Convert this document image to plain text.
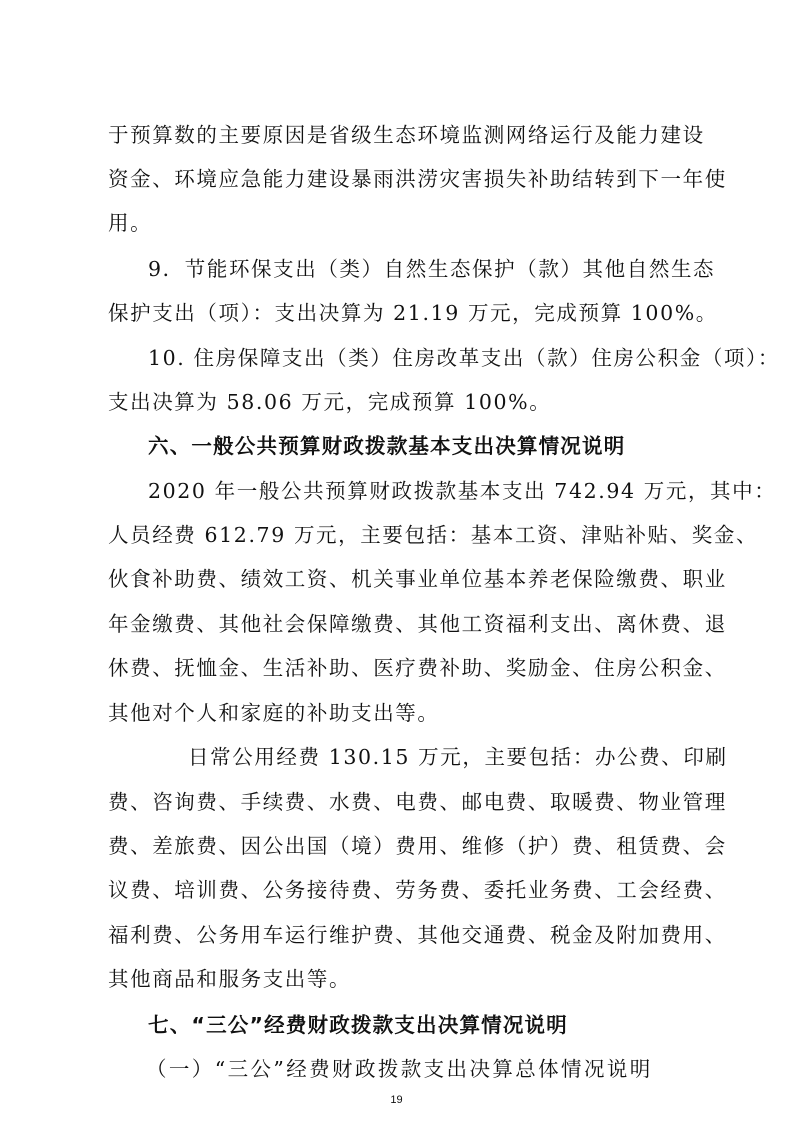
于预算数的主要原因是省级生态环境监测网络运行及能力建设
资金、环境应急能力建设暴雨洪涝灾害损失补助结转到下一年使
用。
9．节能环保支出（类）自然生态保护（款）其他自然生态
保护支出（项）：支出决算为 21.19 万元，完成预算 100%。
10. 住房保障支出（类）住房改革支出（款）住房公积金（项）：
支出决算为 58.06 万元，完成预算 100%。
六、一般公共预算财政拨款基本支出决算情况说明
2020 年一般公共预算财政拨款基本支出 742.94 万元，其中：
人员经费 612.79 万元，主要包括：基本工资、津贴补贴、奖金、
伙食补助费、绩效工资、机关事业单位基本养老保险缴费、职业
年金缴费、其他社会保障缴费、其他工资福利支出、离休费、退
休费、抚恤金、生活补助、医疗费补助、奖励金、住房公积金、
其他对个人和家庭的补助支出等。
日常公用经费 130.15 万元，主要包括：办公费、印刷
费、咨询费、手续费、水费、电费、邮电费、取暖费、物业管理
费、差旅费、因公出国（境）费用、维修（护）费、租赁费、会
议费、培训费、公务接待费、劳务费、委托业务费、工会经费、
福利费、公务用车运行维护费、其他交通费、税金及附加费用、
其他商品和服务支出等。
七、“三公”经费财政拨款支出决算情况说明
（一）“三公”经费财政拨款支出决算总体情况说明
19
